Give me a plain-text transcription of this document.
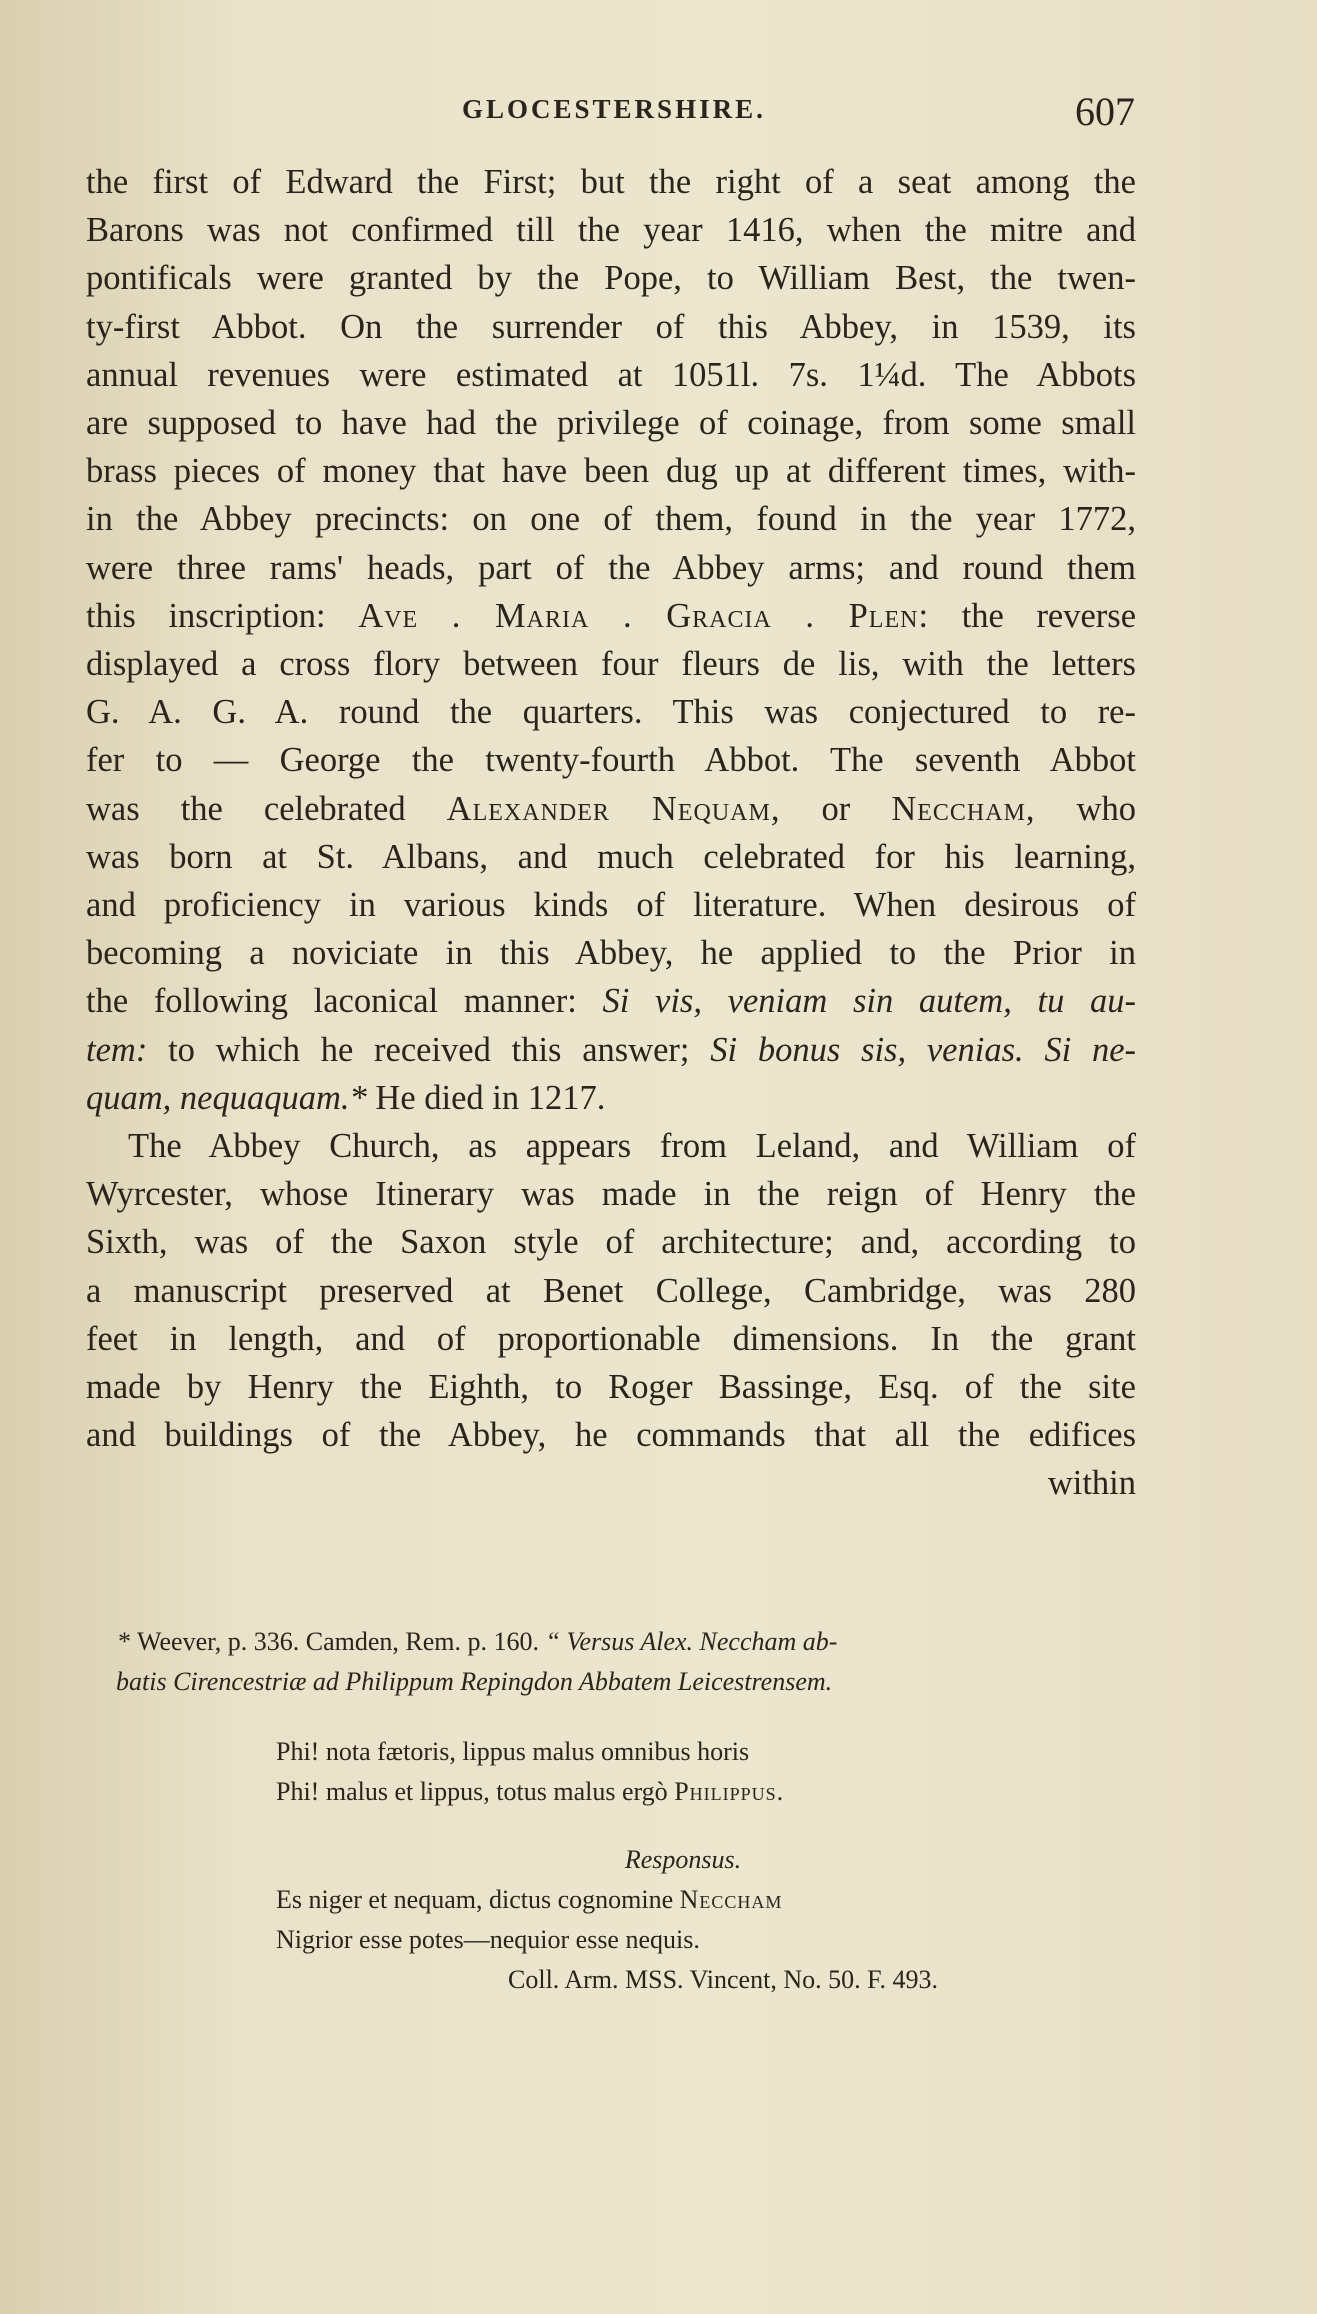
GLOCESTERSHIRE.	607
the first of Edward the First; but the right of a seat among the
Barons was not confirmed till the year 1416, when the mitre and
pontificals were granted by the Pope, to William Best, the twen-
ty-first Abbot. On the surrender of this Abbey, in 1539, its
annual revenues were estimated at 1051l. 7s. 1¼d. The Abbots
are supposed to have had the privilege of coinage, from some small
brass pieces of money that have been dug up at different times, with-
in the Abbey precincts: on one of them, found in the year 1772,
were three rams' heads, part of the Abbey arms; and round them
this inscription: Ave . Maria . Gracia . Plen: the reverse
displayed a cross flory between four fleurs de lis, with the letters
G. A. G. A. round the quarters. This was conjectured to re-
fer to — George the twenty-fourth Abbot. The seventh Abbot
was the celebrated Alexander Nequam, or Neccham, who
was born at St. Albans, and much celebrated for his learning,
and proficiency in various kinds of literature. When desirous of
becoming a noviciate in this Abbey, he applied to the Prior in
the following laconical manner: Si vis, veniam sin autem, tu au-
tem: to which he received this answer; Si bonus sis, venias. Si ne-
quam, nequaquam.* He died in 1217.
The Abbey Church, as appears from Leland, and William of
Wyrcester, whose Itinerary was made in the reign of Henry the
Sixth, was of the Saxon style of architecture; and, according to
a manuscript preserved at Benet College, Cambridge, was 280
feet in length, and of proportionable dimensions. In the grant
made by Henry the Eighth, to Roger Bassinge, Esq. of the site
and buildings of the Abbey, he commands that all the edifices
within
* Weever, p. 336. Camden, Rem. p. 160. “ Versus Alex. Neccham ab-
batis Cirencestriæ ad Philippum Repingdon Abbatem Leicestrensem.
Phi! nota fætoris, lippus malus omnibus horis
Phi! malus et lippus, totus malus ergò Philippus.
Responsus.
Es niger et nequam, dictus cognomine Neccham
Nigrior esse potes—nequior esse nequis.
Coll. Arm. MSS. Vincent, No. 50. F. 493.
